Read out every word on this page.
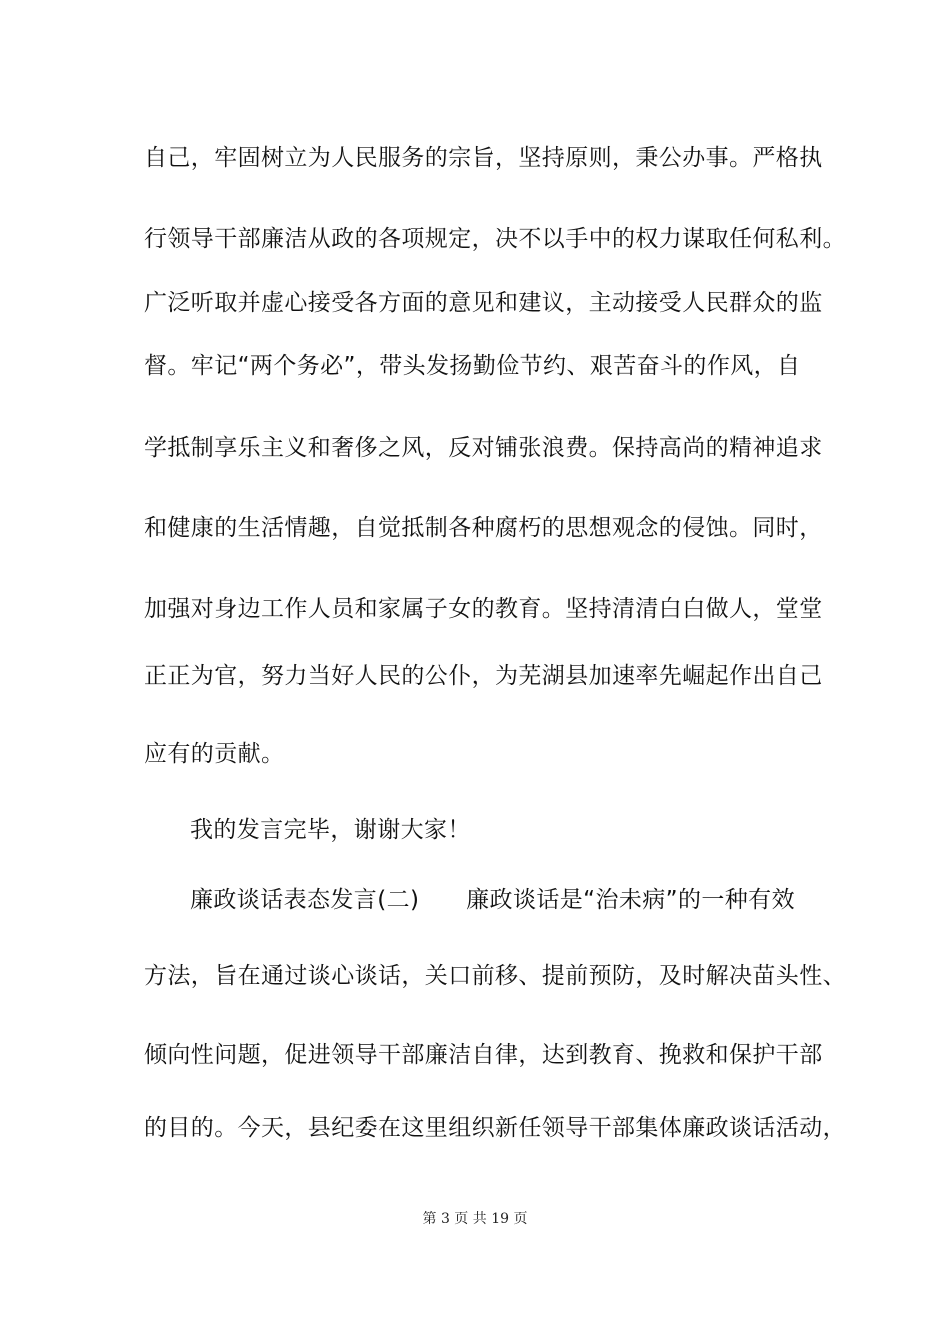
自己，牢固树立为人民服务的宗旨，坚持原则，秉公办事。严格执
行领导干部廉洁从政的各项规定，决不以手中的权力谋取任何私利。
广泛听取并虚心接受各方面的意见和建议，主动接受人民群众的监
督。牢记“两个务必”，带头发扬勤俭节约、艰苦奋斗的作风，自
学抵制享乐主义和奢侈之风，反对铺张浪费。保持高尚的精神追求
和健康的生活情趣，自觉抵制各种腐朽的思想观念的侵蚀。同时，
加强对身边工作人员和家属子女的教育。坚持清清白白做人，堂堂
正正为官，努力当好人民的公仆，为芜湖县加速率先崛起作出自己
应有的贡献。
我的发言完毕，谢谢大家！
廉政谈话表态发言(二)　　廉政谈话是“治未病”的一种有效
方法，旨在通过谈心谈话，关口前移、提前预防，及时解决苗头性、
倾向性问题，促进领导干部廉洁自律，达到教育、挽救和保护干部
的目的。今天，县纪委在这里组织新任领导干部集体廉政谈话活动，
第 3 页 共 19 页
